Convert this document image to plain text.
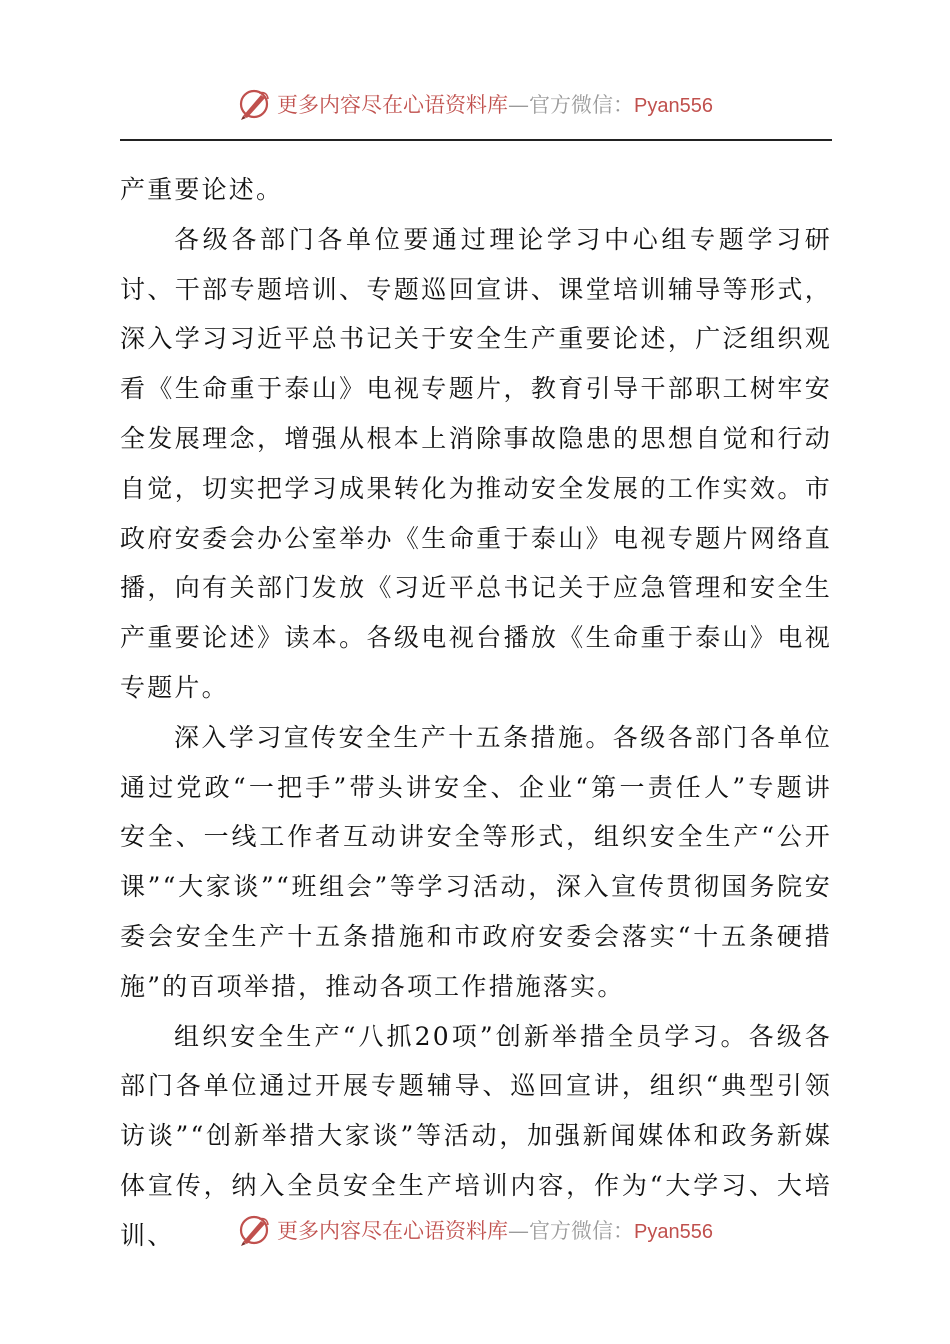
更多内容尽在心语资料库 — 官方微信： Pyan556

产重要论述。

各级各部门各单位要通过理论学习中心组专题学习研讨、干部专题培训、专题巡回宣讲、课堂培训辅导等形式，深入学习习近平总书记关于安全生产重要论述，广泛组织观看《生命重于泰山》电视专题片，教育引导干部职工树牢安全发展理念，增强从根本上消除事故隐患的思想自觉和行动自觉，切实把学习成果转化为推动安全发展的工作实效。市政府安委会办公室举办《生命重于泰山》电视专题片网络直播，向有关部门发放《习近平总书记关于应急管理和安全生产重要论述》读本。各级电视台播放《生命重于泰山》电视专题片。

深入学习宣传安全生产十五条措施。各级各部门各单位通过党政“一把手”带头讲安全、企业“第一责任人”专题讲安全、一线工作者互动讲安全等形式，组织安全生产“公开课”“大家谈”“班组会”等学习活动，深入宣传贯彻国务院安委会安全生产十五条措施和市政府安委会落实“十五条硬措施”的百项举措，推动各项工作措施落实。

组织安全生产“八抓20项”创新举措全员学习。各级各部门各单位通过开展专题辅导、巡回宣讲，组织“典型引领访谈”“创新举措大家谈”等活动，加强新闻媒体和政务新媒体宣传，纳入全员安全生产培训内容，作为“大学习、大培训、	更多内容尽在心语资料库 — 官方微信： Pyan556
